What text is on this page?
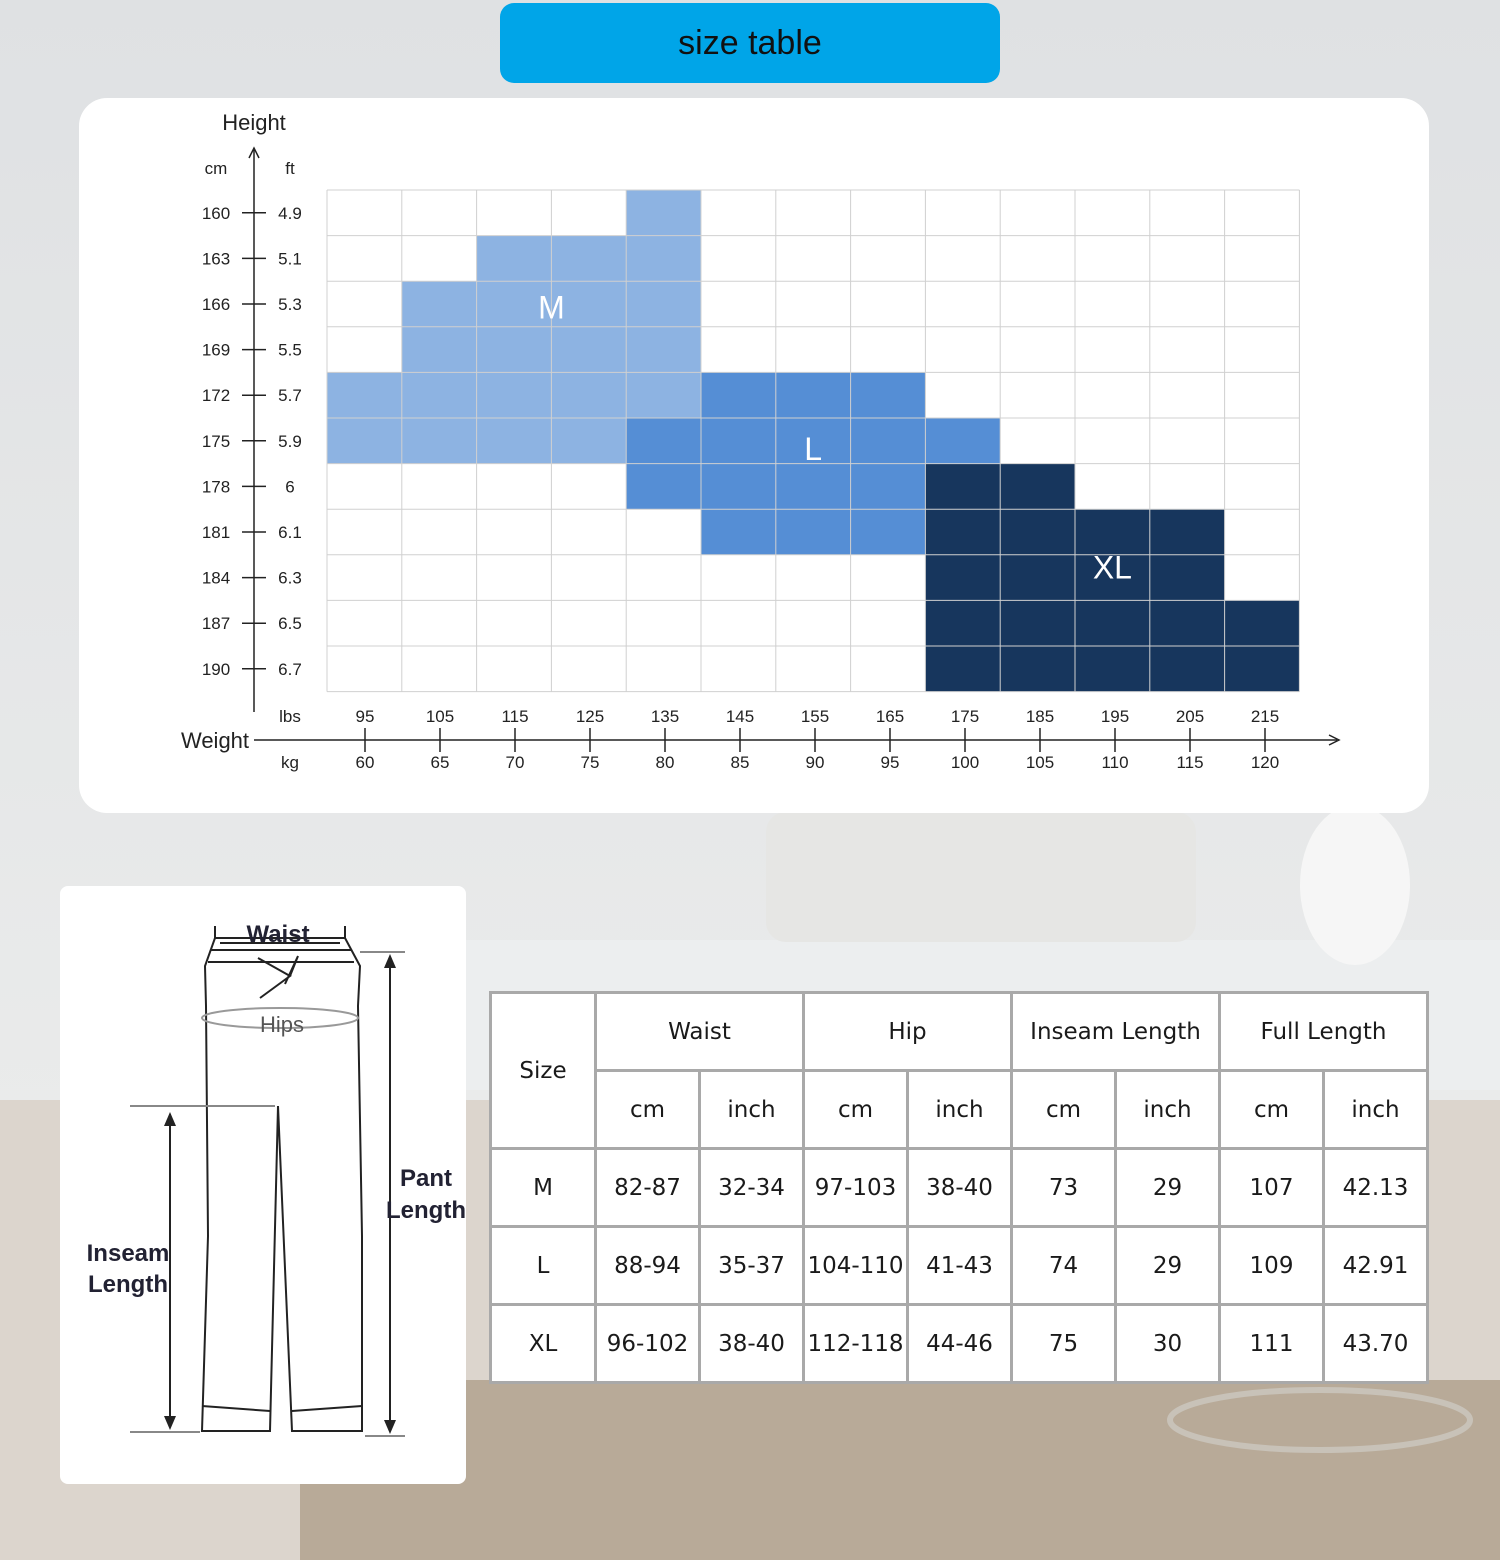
size table
M
L
XL
Height
cm	ft
160	4.9
163	5.1
166	5.3
169	5.5
172	5.7
175	5.9
178	6
181	6.1
184	6.3
187	6.5
190	6.7
Weight
lbs
kg
95
60
105
65
115
70
125
75
135
80
145
85
155
90
165
95
175
100
185
105
195
110
205
115
215
120
Waist
Hips
Pant
Length
Inseam
Length
Size	Waist		Hip		Inseam Length		Full Length	
	cm	inch	cm	inch	cm	inch	cm	inch
M	82-87	32-34	97-103	38-40	73	29	107	42.13
L	88-94	35-37	104-110	41-43	74	29	109	42.91
XL	96-102	38-40	112-118	44-46	75	30	111	43.70
